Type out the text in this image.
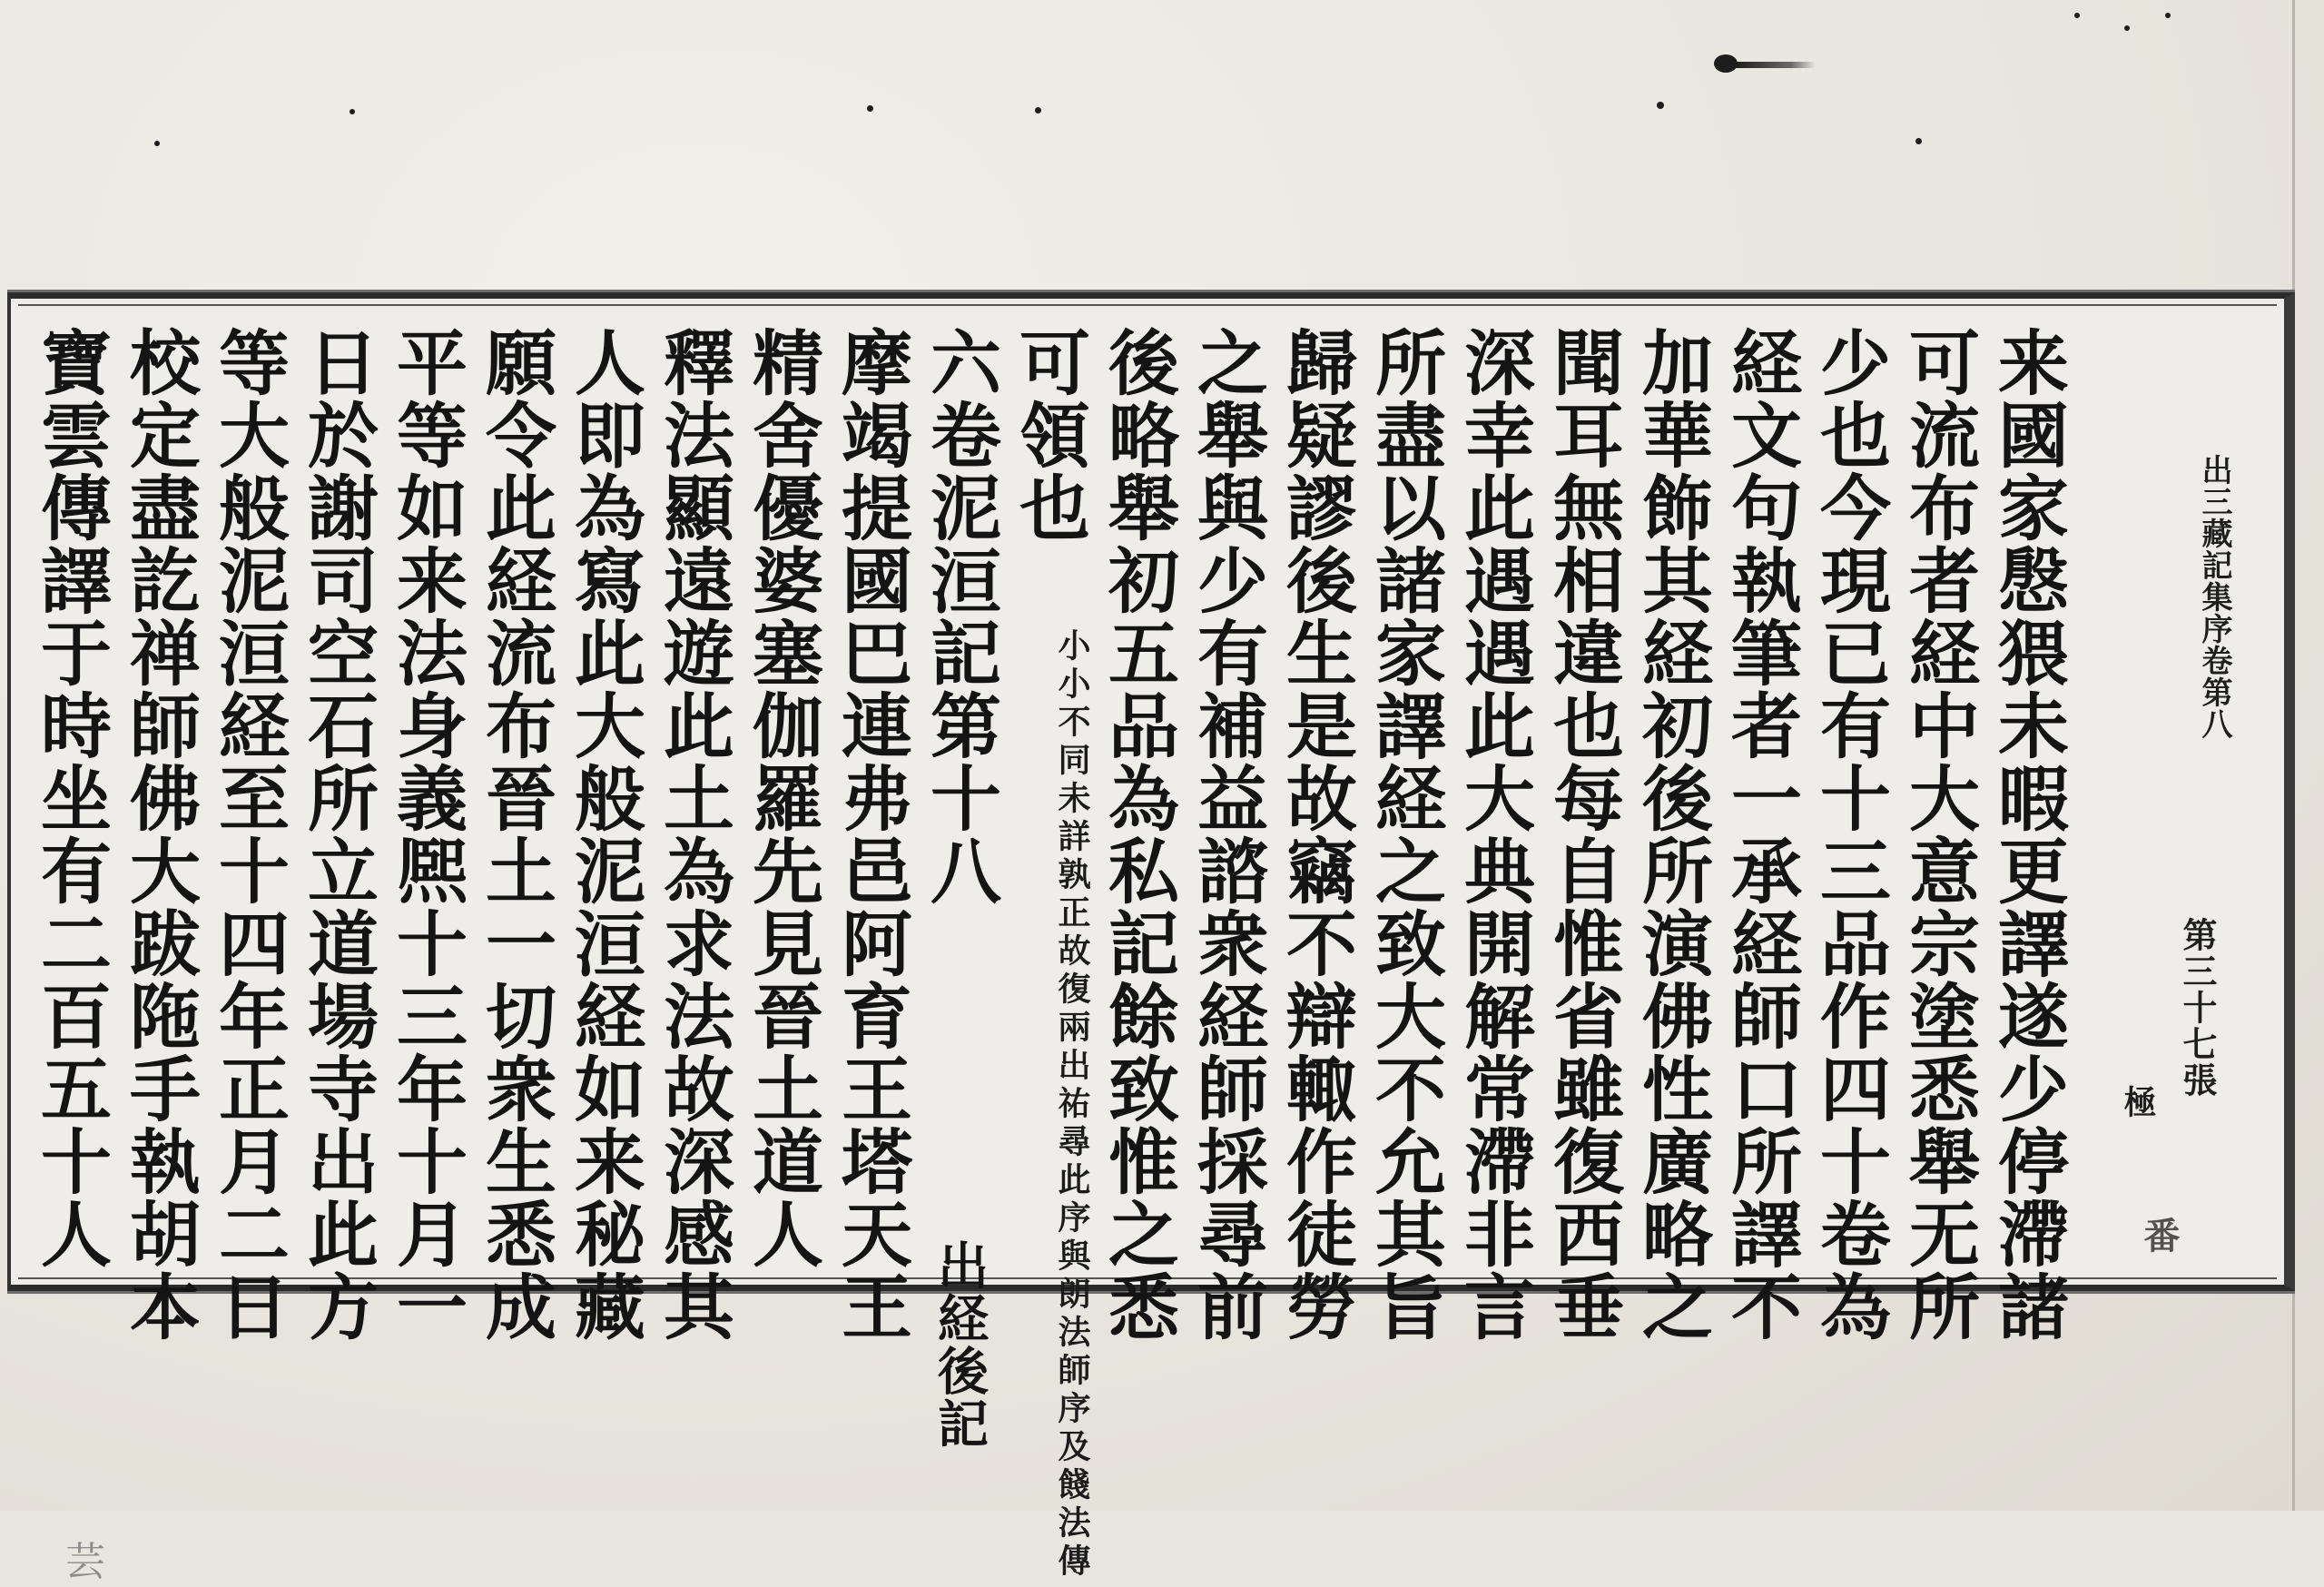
来國家慇猥未暇更譯遂少停滯諸
可流布者経中大意宗塗悉舉无所
少也今現已有十三品作四十卷為
経文句執筆者一承経師口所譯不
加華飾其経初後所演佛性廣略之
聞耳無相違也每自惟省雖復西垂
深幸此遇遇此大典開解常滯非言
所盡以諸家譯経之致大不允其旨
歸疑謬後生是故竊不辯輙作徒勞
之舉與少有補益諮衆経師採尋前
後略舉初五品為私記餘致惟之悉
可領也
祐尋此序與朗法師序及餞法傳
小小不同未詳孰正故復兩出
六卷泥洹記第十八  出経後記
摩竭提國巴連弗邑阿育王塔天王
精舍優婆塞伽羅先見晉土道人
釋法顯遠遊此土為求法故深感其
人即為寫此大般泥洹経如来秘藏
願令此経流布晉土一切衆生悉成
平等如来法身義熈十三年十月一
日於謝司空石所立道場寺出此方
等大般泥洹経至十四年正月二日
校定盡訖禅師佛大跋陁手執胡本
寶雲傳譯于時坐有二百五十人
芸
出三藏記集序卷第八
第三十七張
極
番
